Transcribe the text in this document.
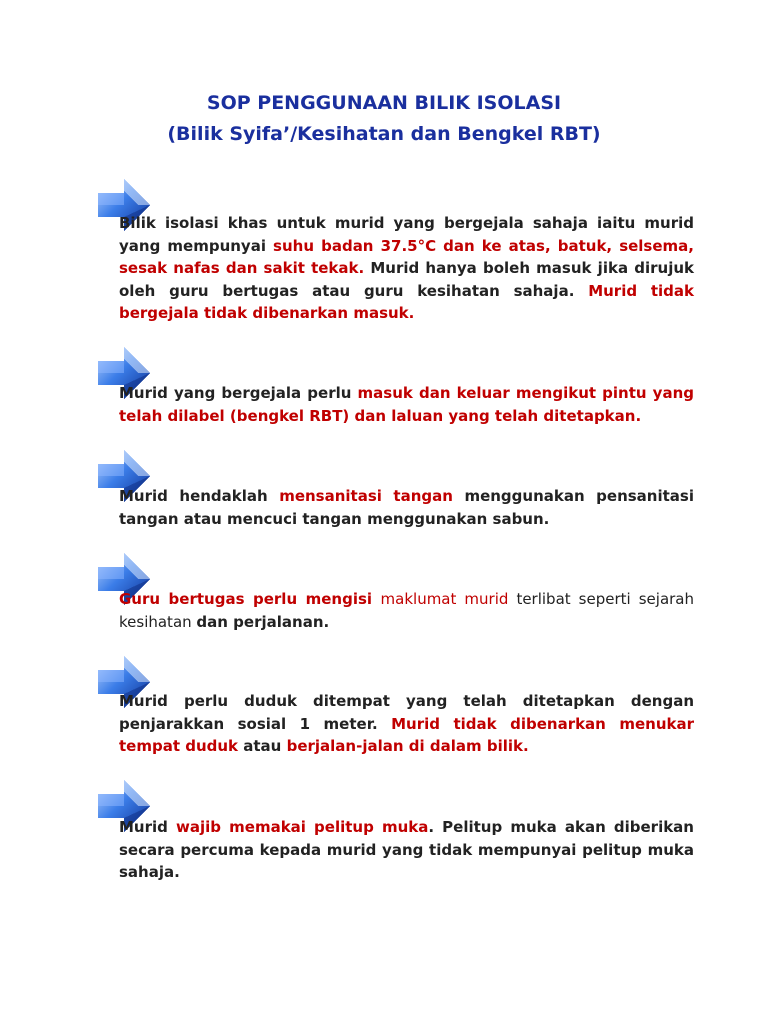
SOP PENGGUNAAN BILIK ISOLASI
(Bilik Syifa’/Kesihatan dan Bengkel RBT)
Bilik isolasi khas untuk murid yang bergejala sahaja iaitu murid yang mempunyai suhu badan 37.5°C dan ke atas, batuk, selsema, sesak nafas dan sakit tekak. Murid hanya boleh masuk jika dirujuk oleh guru bertugas atau guru kesihatan sahaja. Murid tidak bergejala tidak dibenarkan masuk.
Murid yang bergejala perlu masuk dan keluar mengikut pintu yang telah dilabel (bengkel RBT) dan laluan yang telah ditetapkan.
Murid hendaklah mensanitasi tangan menggunakan pensanitasi tangan atau mencuci tangan menggunakan sabun.
Guru bertugas perlu mengisi maklumat murid terlibat seperti sejarah kesihatan dan perjalanan.
Murid perlu duduk ditempat yang telah ditetapkan dengan penjarakkan sosial 1 meter. Murid tidak dibenarkan menukar tempat duduk atau berjalan-jalan di dalam bilik.
Murid wajib memakai pelitup muka. Pelitup muka akan diberikan secara percuma kepada murid yang tidak mempunyai pelitup muka sahaja.
